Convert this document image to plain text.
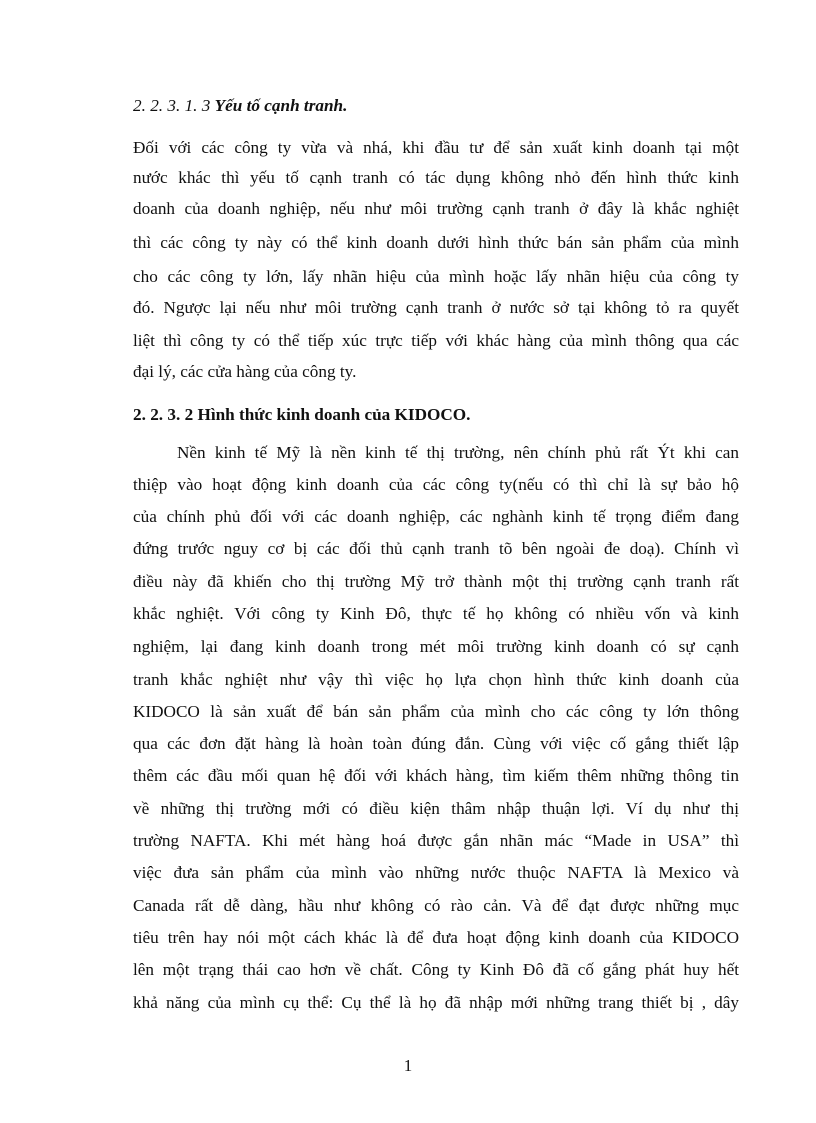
2. 2. 3. 1. 3 Yếu tố cạnh tranh.
Đối với các công ty vừa và nhá, khi đầu tư để sản xuất kinh doanh tại một
nước khác thì yếu tố cạnh tranh có tác dụng không nhỏ đến hình thức kinh
doanh của doanh nghiệp, nếu như môi trường cạnh tranh ở đây là khắc nghiệt
thì các công ty này có thể kinh doanh dưới hình thức bán sản phẩm của mình
cho các công ty lớn, lấy nhãn hiệu của mình hoặc lấy nhãn hiệu của công ty
đó. Ngược lại nếu như môi trường cạnh tranh ở nước sở tại không tỏ ra quyết
liệt thì công ty có thể tiếp xúc trực tiếp với khác hàng của mình thông qua các
đại lý, các cửa hàng của công ty.
2. 2. 3. 2 Hình thức kinh doanh của KIDOCO.
Nền kinh tế Mỹ là nền kinh tế thị trường, nên chính phủ rất Ýt khi can
thiệp vào hoạt động kinh doanh của các công ty(nếu có thì chỉ là sự bảo hộ
của chính phủ đối với các doanh nghiệp, các nghành kinh tế trọng điểm đang
đứng trước nguy cơ bị các đối thủ cạnh tranh tõ bên ngoài đe doạ). Chính vì
điều này đã khiến cho thị trường Mỹ trở thành một thị trường cạnh tranh rất
khắc nghiệt. Với công ty Kinh Đô, thực tế họ không có nhiều vốn và kinh
nghiệm, lại đang kinh doanh trong mét môi trường kinh doanh có sự cạnh
tranh khắc nghiệt như vậy thì việc họ lựa chọn hình thức kinh doanh của
KIDOCO là sản xuất để bán sản phẩm của mình cho các công ty lớn thông
qua các đơn đặt hàng là hoàn toàn đúng đắn. Cùng với việc cố gắng thiết lập
thêm các đầu mối quan hệ đối với khách hàng, tìm kiếm thêm những thông tin
về những thị trường mới có điều kiện thâm nhập thuận lợi. Ví dụ như thị
trường NAFTA. Khi mét hàng hoá được gắn nhãn mác “Made in USA” thì
việc đưa sản phẩm của mình vào những nước thuộc NAFTA là Mexico và
Canada rất dễ dàng, hầu như không có rào cản. Và để đạt được những mục
tiêu trên hay nói một cách khác là để đưa hoạt động kinh doanh của KIDOCO
lên một trạng thái cao hơn về chất. Công ty Kinh Đô đã cố gắng phát huy hết
khả năng của mình cụ thể: Cụ thể là họ đã nhập mới những trang thiết bị , dây
1
